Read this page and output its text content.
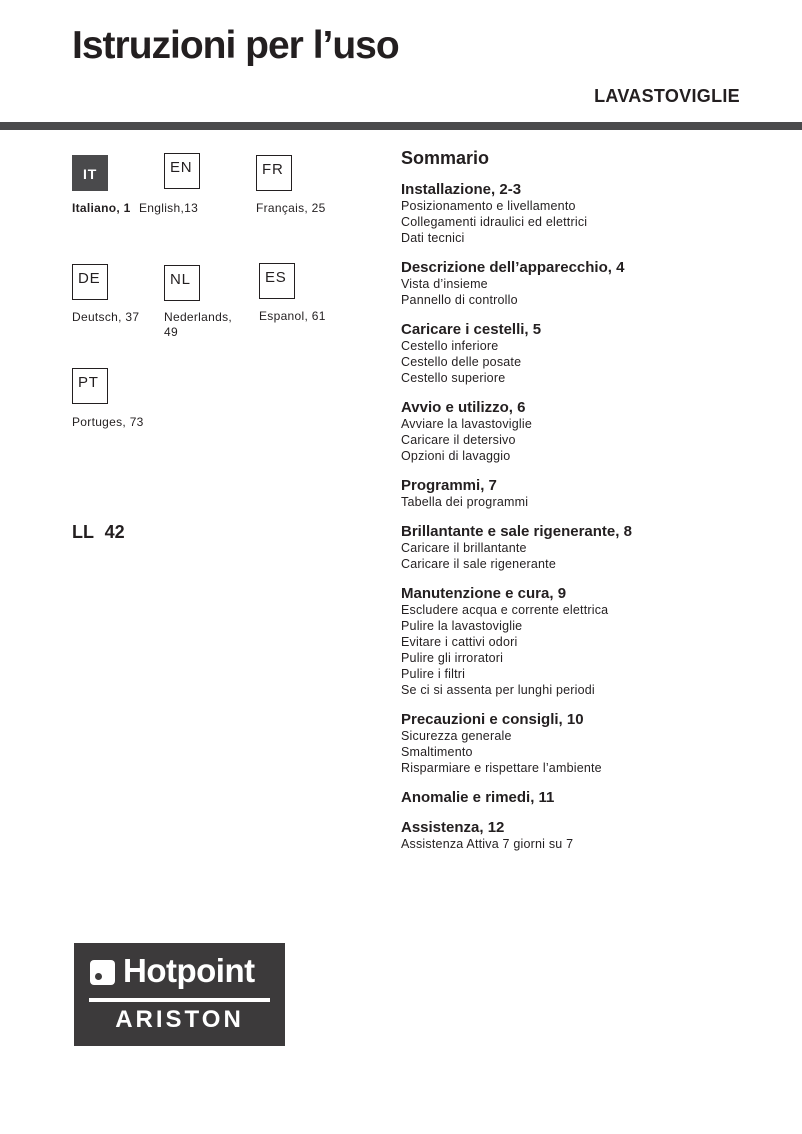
Istruzioni per l’uso
LAVASTOVIGLIE
IT
Italiano, 1
EN
English,13
FR
Français, 25
DE
Deutsch, 37
NL
Nederlands,
49
ES
Espanol, 61
PT
Portuges, 73
LL 42
Sommario
Installazione, 2-3
Posizionamento e livellamento
Collegamenti idraulici ed elettrici
Dati tecnici
Descrizione dell’apparecchio, 4
Vista d’insieme
Pannello di controllo
Caricare i cestelli, 5
Cestello inferiore
Cestello delle posate
Cestello superiore
Avvio e utilizzo, 6
Avviare la lavastoviglie
Caricare il detersivo
Opzioni di lavaggio
Programmi, 7
Tabella dei programmi
Brillantante e sale rigenerante, 8
Caricare il brillantante
Caricare il sale rigenerante
Manutenzione e cura, 9
Escludere acqua e corrente elettrica
Pulire la lavastoviglie
Evitare i cattivi odori
Pulire gli irroratori
Pulire i filtri
Se ci si assenta per lunghi periodi
Precauzioni e consigli, 10
Sicurezza generale
Smaltimento
Risparmiare e rispettare l’ambiente
Anomalie e rimedi, 11
Assistenza, 12
Assistenza Attiva 7 giorni su 7
Hotpoint
ARISTON
